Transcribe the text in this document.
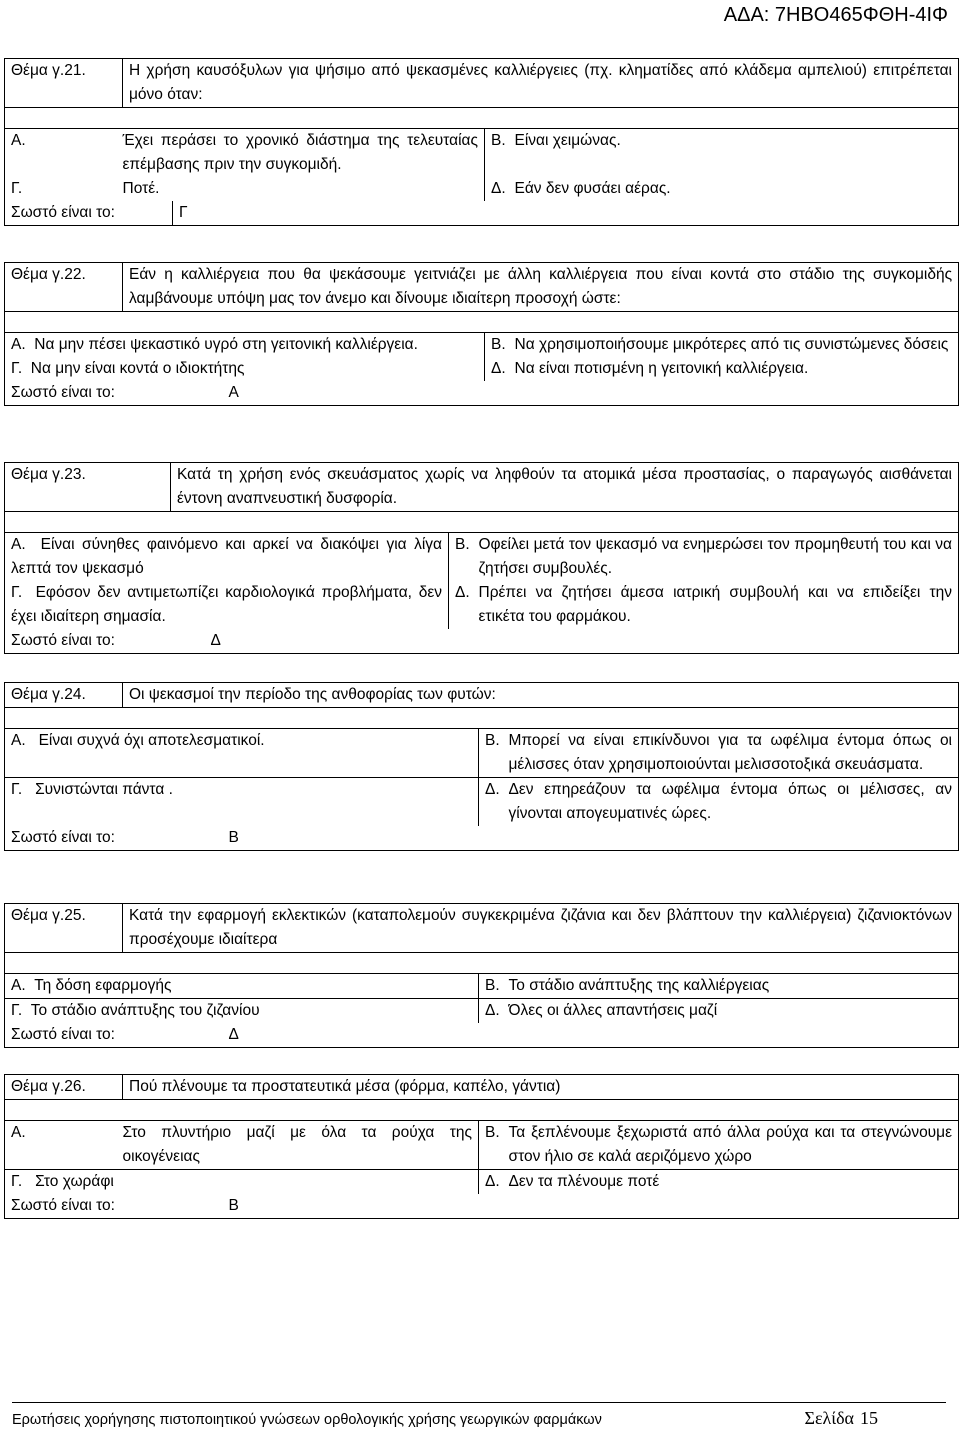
ΑΔΑ: 7ΗΒΟ465ΦΘΗ-4ΙΦ
Θέμα γ.21.	Η χρήση καυσόξυλων για ψήσιμο από ψεκασμένες καλλιέργειες (πχ. κληματίδες από κλάδεμα αμπελιού) επιτρέπεται μόνο όταν:			

Α.	Έχει περάσει το χρονικό διάστημα της τελευταίας επέμβασης πριν την συγκομιδή.		Β.	Είναι χειμώνας.
Γ.	Ποτέ.		Δ.	Εάν δεν φυσάει αέρας.
Σωστό είναι το:		Γ		
Θέμα γ.22.	Εάν η καλλιέργεια που θα ψεκάσουμε γειτνιάζει με άλλη καλλιέργεια που είναι κοντά στο στάδιο της συγκομιδής λαμβάνουμε υπόψη μας τον άνεμο και δίνουμε ιδιαίτερη προσοχή ώστε:		

Α. Να μην πέσει ψεκαστικό υγρό στη γειτονική καλλιέργεια.		Β.	Να χρησιμοποιήσουμε μικρότερες από τις συνιστώμενες δόσεις
Γ. Να μην είναι κοντά ο ιδιοκτήτης		Δ.	Να είναι ποτισμένη η γειτονική καλλιέργεια.
Σωστό είναι το:	Α		
Θέμα γ.23.	Κατά τη χρήση ενός σκευάσματος χωρίς να ληφθούν τα ατομικά μέσα προστασίας, ο παραγωγός αισθάνεται έντονη αναπνευστική δυσφορία.		

Α. Είναι σύνηθες φαινόμενο και αρκεί να διακόψει για λίγα λεπτά τον ψεκασμό		Β.	Οφείλει μετά τον ψεκασμό να ενημερώσει τον προμηθευτή του και να ζητήσει συμβουλές.
Γ. Εφόσον δεν αντιμετωπίζει καρδιολογικά προβλήματα, δεν έχει ιδιαίτερη σημασία.		Δ.	Πρέπει να ζητήσει άμεσα ιατρική συμβουλή και να επιδείξει την ετικέτα του φαρμάκου.
Σωστό είναι το:	Δ		
Θέμα γ.24.	Οι ψεκασμοί την περίοδο της ανθοφορίας των φυτών:		

Α. Είναι συχνά όχι αποτελεσματικοί.		Β.	Μπορεί να είναι επικίνδυνοι για τα ωφέλιμα έντομα όπως οι μέλισσες όταν χρησιμοποιούνται μελισσοτοξικά σκευάσματα.
Γ. Συνιστώνται πάντα .		Δ.	Δεν επηρεάζουν τα ωφέλιμα έντομα όπως οι μέλισσες, αν γίνονται απογευματινές ώρες.
Σωστό είναι το:	Β		
Θέμα γ.25.	Κατά την εφαρμογή εκλεκτικών (καταπολεμούν συγκεκριμένα ζιζάνια και δεν βλάπτουν την καλλιέργεια) ζιζανιοκτόνων προσέχουμε ιδιαίτερα		

Α. Τη δόση εφαρμογής		Β.	Το στάδιο ανάπτυξης της καλλιέργειας
Γ. Το στάδιο ανάπτυξης του ζιζανίου		Δ.	Όλες οι άλλες απαντήσεις μαζί
Σωστό είναι το:	Δ		
Θέμα γ.26.	Πού πλένουμε τα προστατευτικά μέσα (φόρμα, καπέλο, γάντια)		

Α.	Στο πλυντήριο μαζί με όλα τα ρούχα της οικογένειας	Β.	Τα ξεπλένουμε ξεχωριστά από άλλα ρούχα και τα στεγνώνουμε στον ήλιο σε καλά αεριζόμενο χώρο
Γ. Στο χωράφι		Δ.	Δεν τα πλένουμε ποτέ
Σωστό είναι το:	Β		
Ερωτήσεις χορήγησης πιστοποιητικού γνώσεων ορθολογικής χρήσης γεωργικών φαρμάκων	Σελίδα 15
